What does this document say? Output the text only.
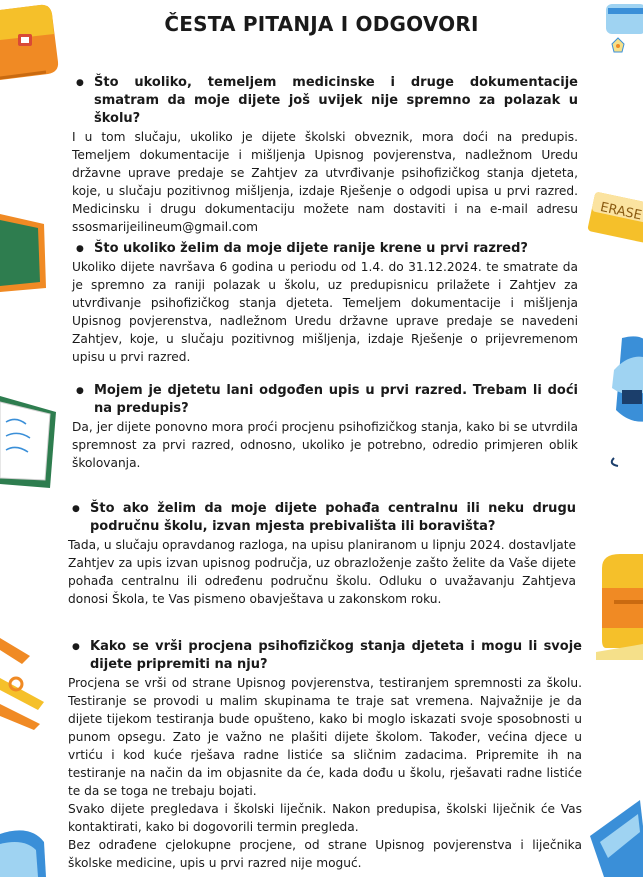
ERASE
ČESTA PITANJA I ODGOVORI
● Što ukoliko, temeljem medicinske i druge dokumentacije smatram da moje dijete još uvijek nije spremno za polazak u školu?

I u tom slučaju, ukoliko je dijete školski obveznik, mora doći na predupis. Temeljem dokumentacije i mišljenja Upisnog povjerenstva, nadležnom Uredu državne uprave predaje se Zahtjev za utvrđivanje psihofizičkog stanja djeteta, koje, u slučaju pozitivnog mišljenja, izdaje Rješenje o odgodi upisa u prvi razred. Medicinsku i drugu dokumentaciju možete nam dostaviti i na e-mail adresu ssosmarijeilineum@gmail.com

● Što ukoliko želim da moje dijete ranije krene u prvi razred?

Ukoliko dijete navršava 6 godina u periodu od 1.4. do 31.12.2024. te smatrate da je spremno za raniji polazak u školu, uz predupisnicu prilažete i Zahtjev za utvrđivanje psihofizičkog stanja djeteta. Temeljem dokumentacije i mišljenja Upisnog povjerenstva, nadležnom Uredu državne uprave predaje se navedeni Zahtjev, koje, u slučaju pozitivnog mišljenja, izdaje Rješenje o prijevremenom upisu u prvi razred.

● Mojem je djetetu lani odgođen upis u prvi razred. Trebam li doći na predupis?

Da, jer dijete ponovno mora proći procjenu psihofizičkog stanja, kako bi se utvrdila spremnost za prvi razred, odnosno, ukoliko je potrebno, odredio primjeren oblik školovanja.

● Što ako želim da moje dijete pohađa centralnu ili neku drugu područnu školu, izvan mjesta prebivališta ili boravišta?

Tada, u slučaju opravdanog razloga, na upisu planiranom u lipnju 2024. dostavljate Zahtjev za upis izvan upisnog područja, uz obrazloženje zašto želite da Vaše dijete pohađa centralnu ili određenu područnu školu. Odluku o uvažavanju Zahtjeva donosi Škola, te Vas pismeno obavještava u zakonskom roku.

● Kako se vrši procjena psihofizičkog stanja djeteta i mogu li svoje dijete pripremiti na nju?

Procjena se vrši od strane Upisnog povjerenstva, testiranjem spremnosti za školu. Testiranje se provodi u malim skupinama te traje sat vremena. Najvažnije je da dijete tijekom testiranja bude opušteno, kako bi moglo iskazati svoje sposobnosti u punom opsegu. Zato je važno ne plašiti dijete školom. Također, većina djece u vrtiću i kod kuće rješava radne listiće sa sličnim zadacima. Pripremite ih na testiranje na način da im objasnite da će, kada dođu u školu, rješavati radne listiće te da se toga ne trebaju bojati.

Svako dijete pregledava i školski liječnik. Nakon predupisa, školski liječnik će Vas kontaktirati, kako bi dogovorili termin pregleda.

Bez odrađene cjelokupne procjene, od strane Upisnog povjerenstva i liječnika školske medicine, upis u prvi razred nije moguć.
